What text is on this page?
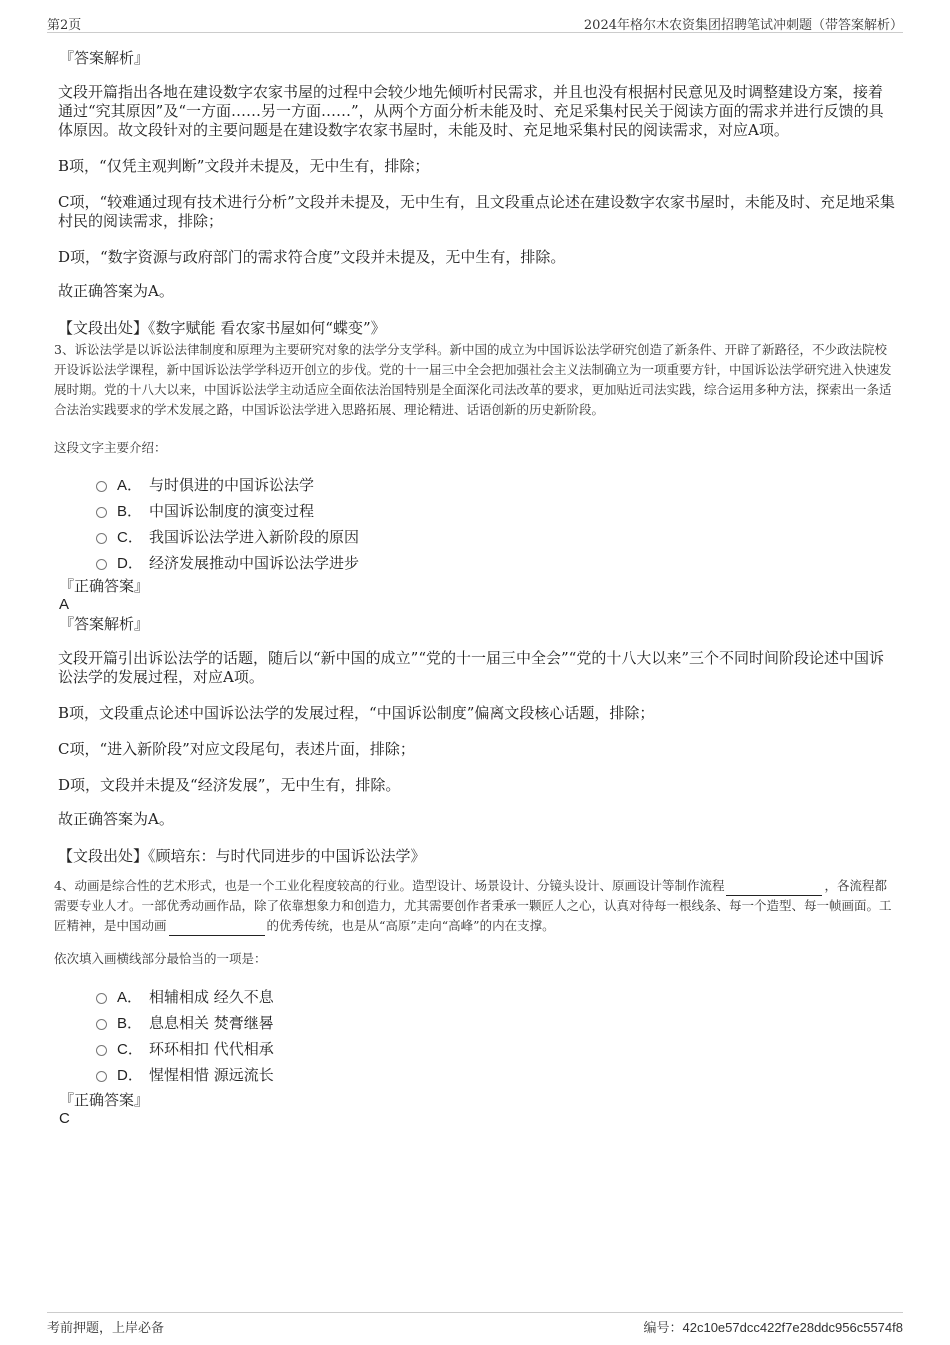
第2页	2024年格尔木农资集团招聘笔试冲刺题（带答案解析）
『答案解析』
文段开篇指出各地在建设数字农家书屋的过程中会较少地先倾听村民需求，并且也没有根据村民意见及时调整建设方案，接着通过“究其原因”及“一方面……另一方面……”，从两个方面分析未能及时、充足采集村民关于阅读方面的需求并进行反馈的具体原因。故文段针对的主要问题是在建设数字农家书屋时，未能及时、充足地采集村民的阅读需求，对应A项。
B项，“仅凭主观判断”文段并未提及，无中生有，排除；
C项，“较难通过现有技术进行分析”文段并未提及，无中生有，且文段重点论述在建设数字农家书屋时，未能及时、充足地采集村民的阅读需求，排除；
D项，“数字资源与政府部门的需求符合度”文段并未提及，无中生有，排除。
故正确答案为A。
【文段出处】《数字赋能 看农家书屋如何“蝶变”》
3、诉讼法学是以诉讼法律制度和原理为主要研究对象的法学分支学科。新中国的成立为中国诉讼法学研究创造了新条件、开辟了新路径，不少政法院校开设诉讼法学课程，新中国诉讼法学学科迈开创立的步伐。党的十一届三中全会把加强社会主义法制确立为一项重要方针，中国诉讼法学研究进入快速发展时期。党的十八大以来，中国诉讼法学主动适应全面依法治国特别是全面深化司法改革的要求，更加贴近司法实践，综合运用多种方法，探索出一条适合法治实践要求的学术发展之路，中国诉讼法学进入思路拓展、理论精进、话语创新的历史新阶段。
这段文字主要介绍：
A． 与时俱进的中国诉讼法学
B． 中国诉讼制度的演变过程
C． 我国诉讼法学进入新阶段的原因
D． 经济发展推动中国诉讼法学进步
『正确答案』
A
『答案解析』
文段开篇引出诉讼法学的话题，随后以“新中国的成立”“党的十一届三中全会”“党的十八大以来”三个不同时间阶段论述中国诉讼法学的发展过程，对应A项。
B项，文段重点论述中国诉讼法学的发展过程，“中国诉讼制度”偏离文段核心话题，排除；
C项，“进入新阶段”对应文段尾句，表述片面，排除；
D项，文段并未提及“经济发展”，无中生有，排除。
故正确答案为A。
【文段出处】《顾培东：与时代同进步的中国诉讼法学》
4、动画是综合性的艺术形式，也是一个工业化程度较高的行业。造型设计、场景设计、分镜头设计、原画设计等制作流程	，各流程都需要专业人才。一部优秀动画作品，除了依靠想象力和创造力，尤其需要创作者秉承一颗匠人之心，认真对待每一根线条、每一个造型、每一帧画面。工匠精神，是中国动画	的优秀传统，也是从“高原”走向“高峰”的内在支撑。
依次填入画横线部分最恰当的一项是：
A． 相辅相成 经久不息
B． 息息相关 焚膏继晷
C． 环环相扣 代代相承
D． 惺惺相惜 源远流长
『正确答案』
C
考前押题，上岸必备	编号：42c10e57dcc422f7e28ddc956c5574f8
